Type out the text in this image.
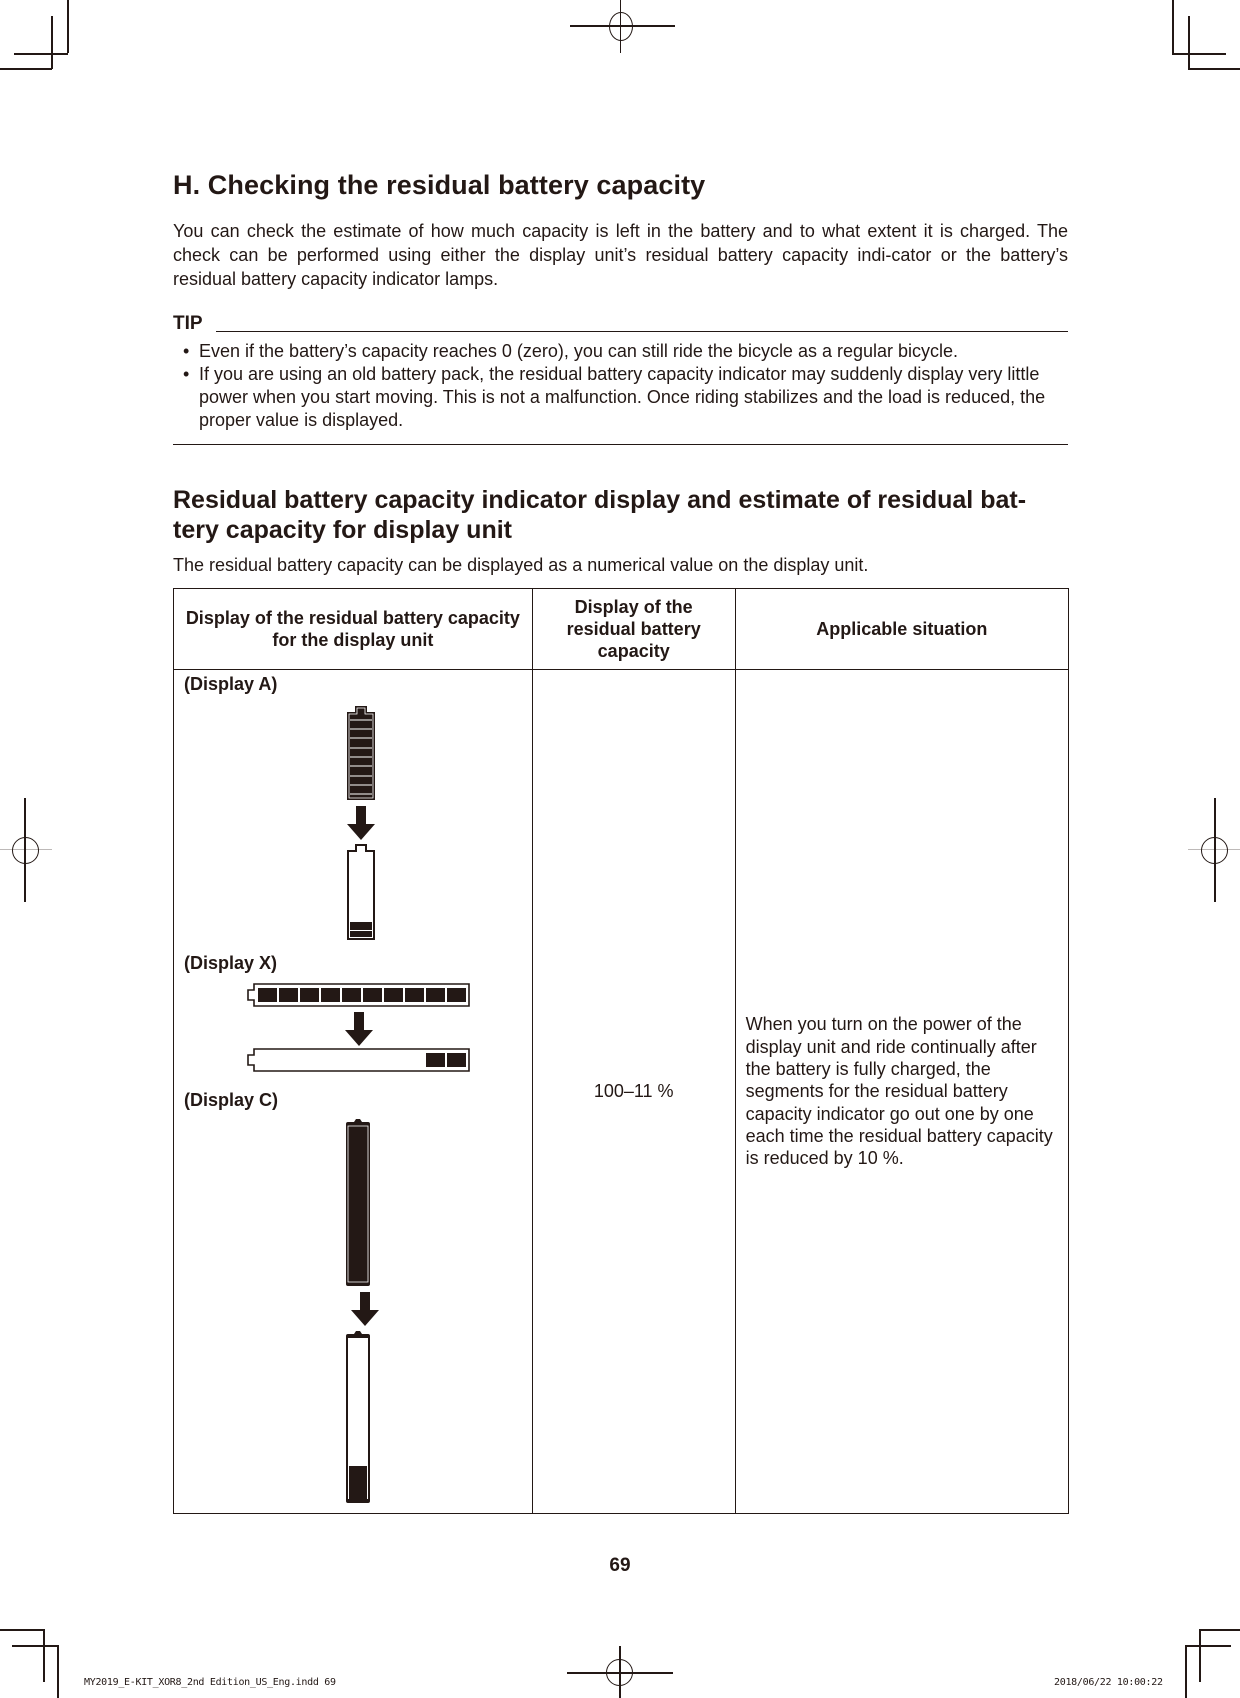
H. Checking the residual battery capacity

You can check the estimate of how much capacity is left in the battery and to what extent it is charged. The check can be performed using either the display unit’s residual battery capacity indi-cator or the battery’s residual battery capacity indicator lamps.

TIP
• Even if the battery’s capacity reaches 0 (zero), you can still ride the bicycle as a regular bicycle.
• If you are using an old battery pack, the residual battery capacity indicator may suddenly display very little power when you start moving. This is not a malfunction. Once riding stabilizes and the load is reduced, the proper value is displayed.
Residual battery capacity indicator display and estimate of residual bat-tery capacity for display unit

The residual battery capacity can be displayed as a numerical value on the display unit.

Display of the residual battery capacity for the display unit	Display of the residual battery capacity	Applicable situation

(Display A)
(Display X)
(Display C)	100–11 %	When you turn on the power of the display unit and ride continually after the battery is fully charged, the segments for the residual battery capacity indicator go out one by one each time the residual battery capacity is reduced by 10 %.
69
MY2019_E-KIT_XOR8_2nd Edition_US_Eng.indd 69	2018/06/22 10:00:22
